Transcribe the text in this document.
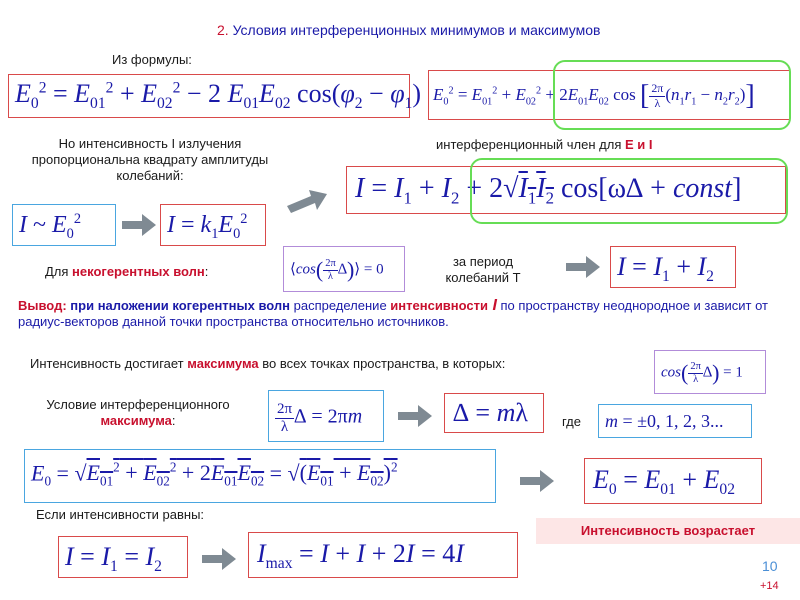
2. Условия интерференционных минимумов и максимумов
Из формулы:
$E_0^2 = E_{01}^2 + E_{02}^2 - 2$ $E_{01}E_{02}$ $\cos(\varphi_2 - \varphi_1) E_0^2 = E_{01}^2 + E_{02}^2 + 2E_{01}E_{02}$ cos [ $\frac{2\pi}{\lambda} (n_1r_1 - n_2r_2)$]
Но интенсивность I излучения пропорциональна квадрату амплитуды колебаний:
интерференционный член для E и I
$I = I_1 + I_2 + 2√I_1I_2$ cos[ω∆ + const]
I ~ $E_0^2$	$I = k_1E_0^2$
Для некогерентных волн:	⟨cos( $\frac{2\pi}{\lambda}$ ∆)⟩ = 0	за период колебаний T	$I = I_1 + I_2$
Вывод: при наложении когерентных волн распределение интенсивности I по пространству неоднородное и зависит от радиус-векторов данной точки пространства относительно источников.
Интенсивность достигает максимума во всех точках пространства, в которых:
$\cos( \frac{2\pi}{\lambda}$ ∆) = 1
Условие интерференционного
максимума:	$\frac{2\pi}{\lambda}$ ∆ = 2πm	∆ = mλ	где m = ±0, 1, 2, 3...
$E_0 = √E_{01}^2 + E_{02}^2 + 2E_{01}E_{02} = √(E_{01} + E_{02})^2$	$E_0 = E_{01} + E_{02}$
Если интенсивности равны:
Интенсивность возрастает
$I = I_1 = I_2$	$I_{max} = I + I + 2I = 4I$	10
+14
